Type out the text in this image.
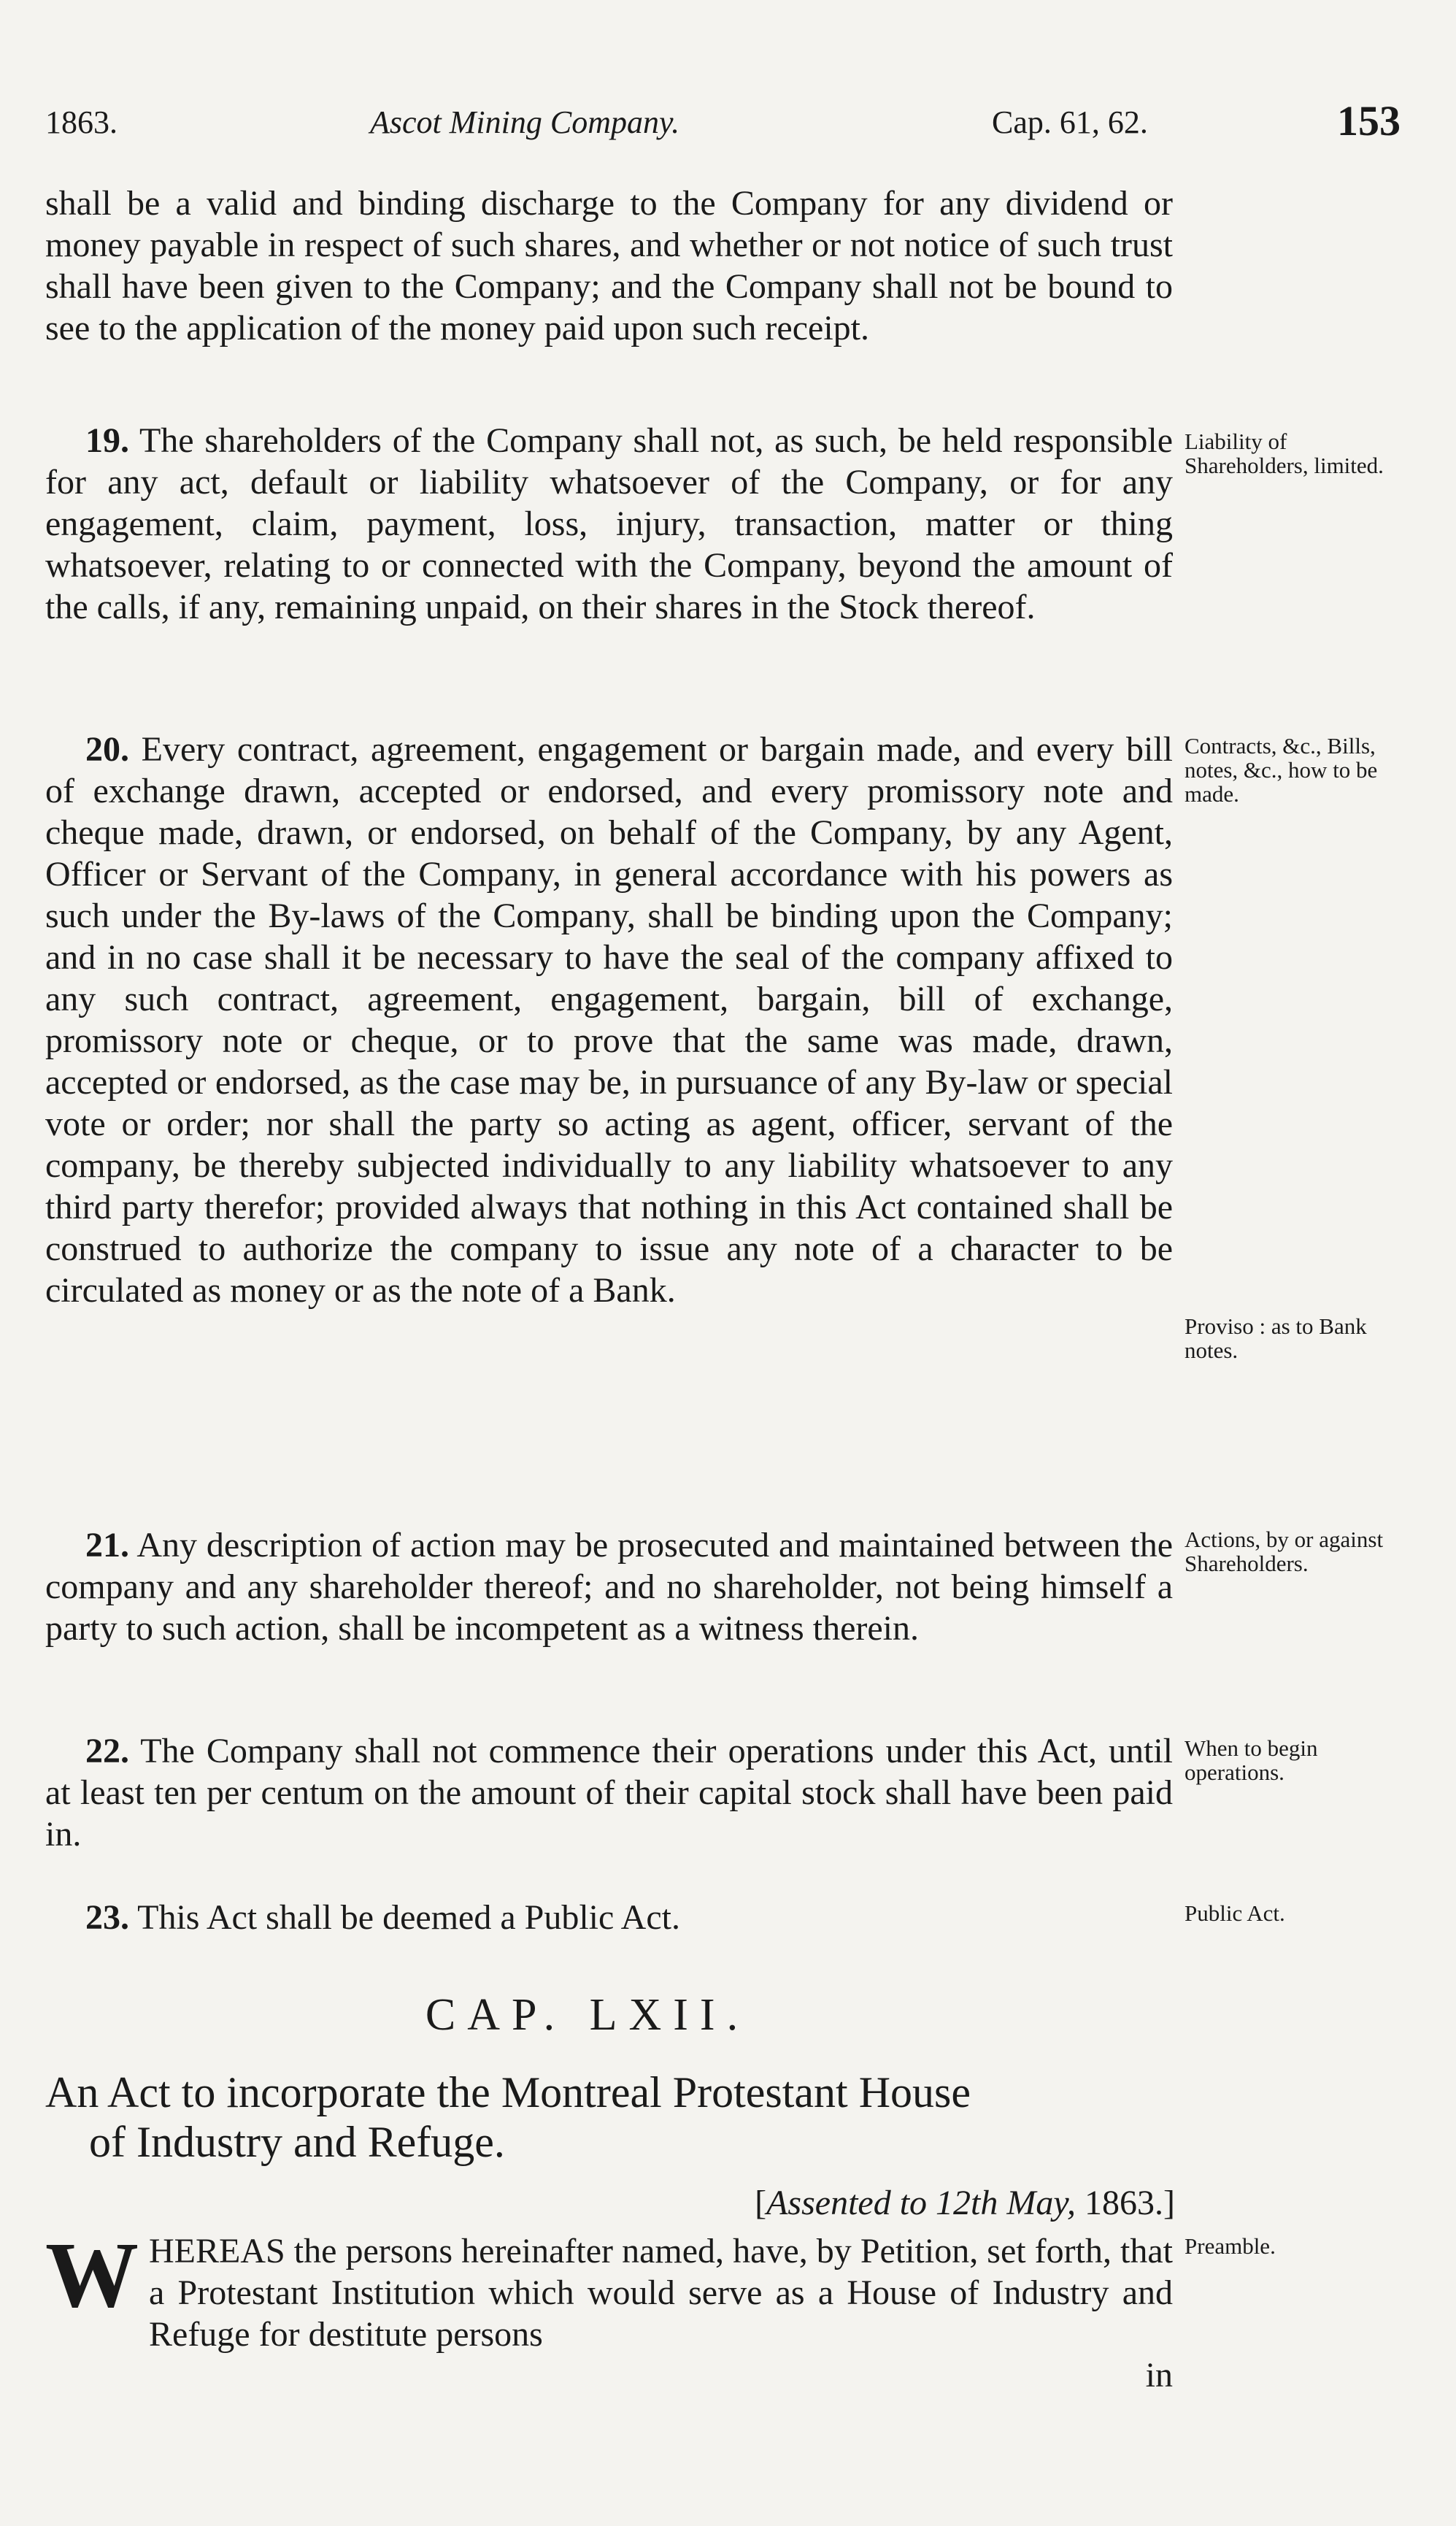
1863.	Ascot Mining Company.	Cap. 61, 62.	153

shall be a valid and binding discharge to the Company for any dividend or money payable in respect of such shares, and whether or not notice of such trust shall have been given to the Company; and the Company shall not be bound to see to the application of the money paid upon such receipt.

19. The shareholders of the Company shall not, as such, be held responsible for any act, default or liability whatsoever of the Company, or for any engagement, claim, payment, loss, injury, transaction, matter or thing whatsoever, relating to or connected with the Company, beyond the amount of the calls, if any, remaining unpaid, on their shares in the Stock thereof.

Liability of Shareholders, limited.

20. Every contract, agreement, engagement or bargain made, and every bill of exchange drawn, accepted or endorsed, and every promissory note and cheque made, drawn, or endorsed, on behalf of the Company, by any Agent, Officer or Servant of the Company, in general accordance with his powers as such under the By-laws of the Company, shall be binding upon the Company; and in no case shall it be necessary to have the seal of the company affixed to any such contract, agreement, engagement, bargain, bill of exchange, promissory note or cheque, or to prove that the same was made, drawn, accepted or endorsed, as the case may be, in pursuance of any By-law or special vote or order; nor shall the party so acting as agent, officer, servant of the company, be thereby subjected individually to any liability whatsoever to any third party therefor; provided always that nothing in this Act contained shall be construed to authorize the company to issue any note of a character to be circulated as money or as the note of a Bank.

Contracts, &c., Bills, notes, &c., how to be made.
Proviso : as to Bank notes.

21. Any description of action may be prosecuted and maintained between the company and any shareholder thereof; and no shareholder, not being himself a party to such action, shall be incompetent as a witness therein.

Actions, by or against Shareholders.

22. The Company shall not commence their operations under this Act, until at least ten per centum on the amount of their capital stock shall have been paid in.

When to begin operations.

23. This Act shall be deemed a Public Act.	Public Act.
CAP. LXII.
An Act to incorporate the Montreal Protestant House
of Industry and Refuge.
[Assented to 12th May, 1863.]
WHEREAS the persons hereinafter named, have, by Petition, set forth, that a Protestant Institution which would serve as a House of Industry and Refuge for destitute persons
Preamble.
in
